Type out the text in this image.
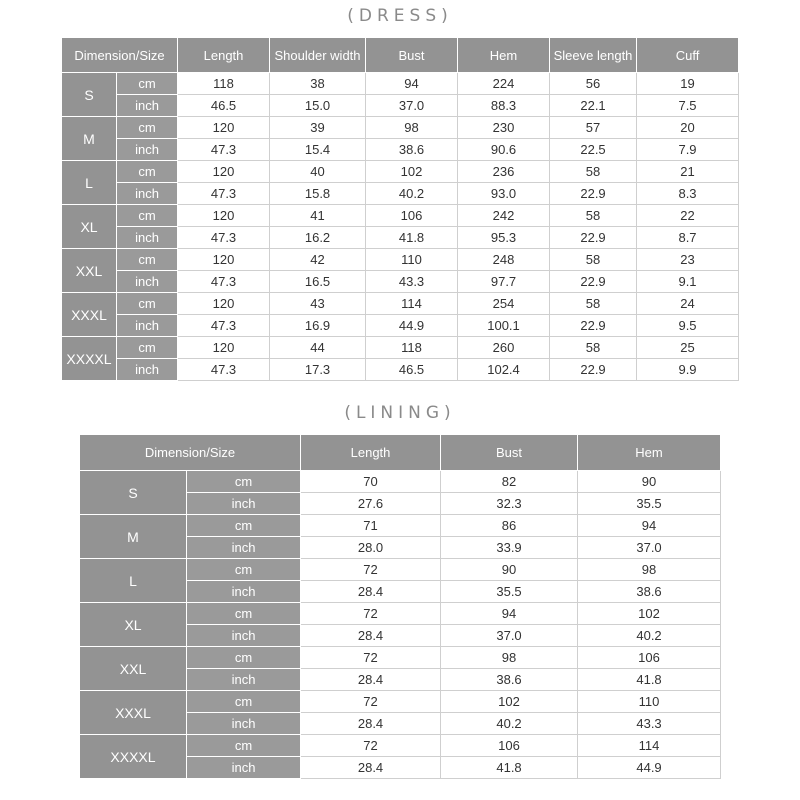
(DRESS)
Dimension/Size		Length	Shoulder width	Bust	Hem	Sleeve length	Cuff
S	cm	118	38	94	224	56	19
	inch	46.5	15.0	37.0	88.3	22.1	7.5
M	cm	120	39	98	230	57	20
	inch	47.3	15.4	38.6	90.6	22.5	7.9
L	cm	120	40	102	236	58	21
	inch	47.3	15.8	40.2	93.0	22.9	8.3
XL	cm	120	41	106	242	58	22
	inch	47.3	16.2	41.8	95.3	22.9	8.7
XXL	cm	120	42	110	248	58	23
	inch	47.3	16.5	43.3	97.7	22.9	9.1
XXXL	cm	120	43	114	254	58	24
	inch	47.3	16.9	44.9	100.1	22.9	9.5
XXXXL	cm	120	44	118	260	58	25
	inch	47.3	17.3	46.5	102.4	22.9	9.9
(LINING)
Dimension/Size		Length	Bust	Hem
S	cm	70	82	90
	inch	27.6	32.3	35.5
M	cm	71	86	94
	inch	28.0	33.9	37.0
L	cm	72	90	98
	inch	28.4	35.5	38.6
XL	cm	72	94	102
	inch	28.4	37.0	40.2
XXL	cm	72	98	106
	inch	28.4	38.6	41.8
XXXL	cm	72	102	110
	inch	28.4	40.2	43.3
XXXXL	cm	72	106	114
	inch	28.4	41.8	44.9
